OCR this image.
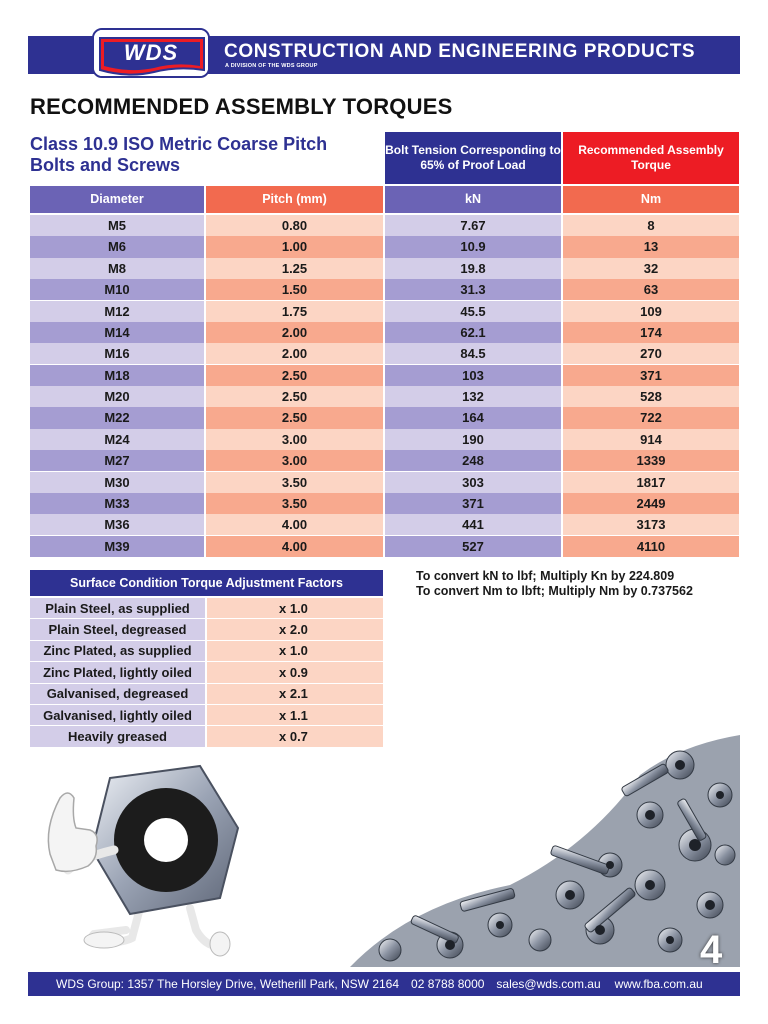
WDS	CONSTRUCTION AND ENGINEERING PRODUCTS
A DIVISION OF THE WDS GROUP
RECOMMENDED ASSEMBLY TORQUES
Class 10.9 ISO Metric Coarse Pitch Bolts and Screws
Bolt Tension Corresponding to 65% of Proof Load
Recommended Assembly Torque
Diameter	Pitch (mm)	kN	Nm
M5	0.80	7.67	8
M6	1.00	10.9	13
M8	1.25	19.8	32
M10	1.50	31.3	63
M12	1.75	45.5	109
M14	2.00	62.1	174
M16	2.00	84.5	270
M18	2.50	103	371
M20	2.50	132	528
M22	2.50	164	722
M24	3.00	190	914
M27	3.00	248	1339
M30	3.50	303	1817
M33	3.50	371	2449
M36	4.00	441	3173
M39	4.00	527	4110
Surface Condition Torque Adjustment Factors
Plain Steel, as supplied	x 1.0
Plain Steel, degreased	x 2.0
Zinc Plated, as supplied	x 1.0
Zinc Plated, lightly oiled	x 0.9
Galvanised, degreased	x 2.1
Galvanised, lightly oiled	x 1.1
Heavily greased	x 0.7
To convert kN to lbf; Multiply Kn by 224.809
To convert Nm to lbft; Multiply Nm by 0.737562
4
WDS Group: 1357 The Horsley Drive, Wetherill Park, NSW 2164 02 8788 8000 sales@wds.com.au www.fba.com.au
